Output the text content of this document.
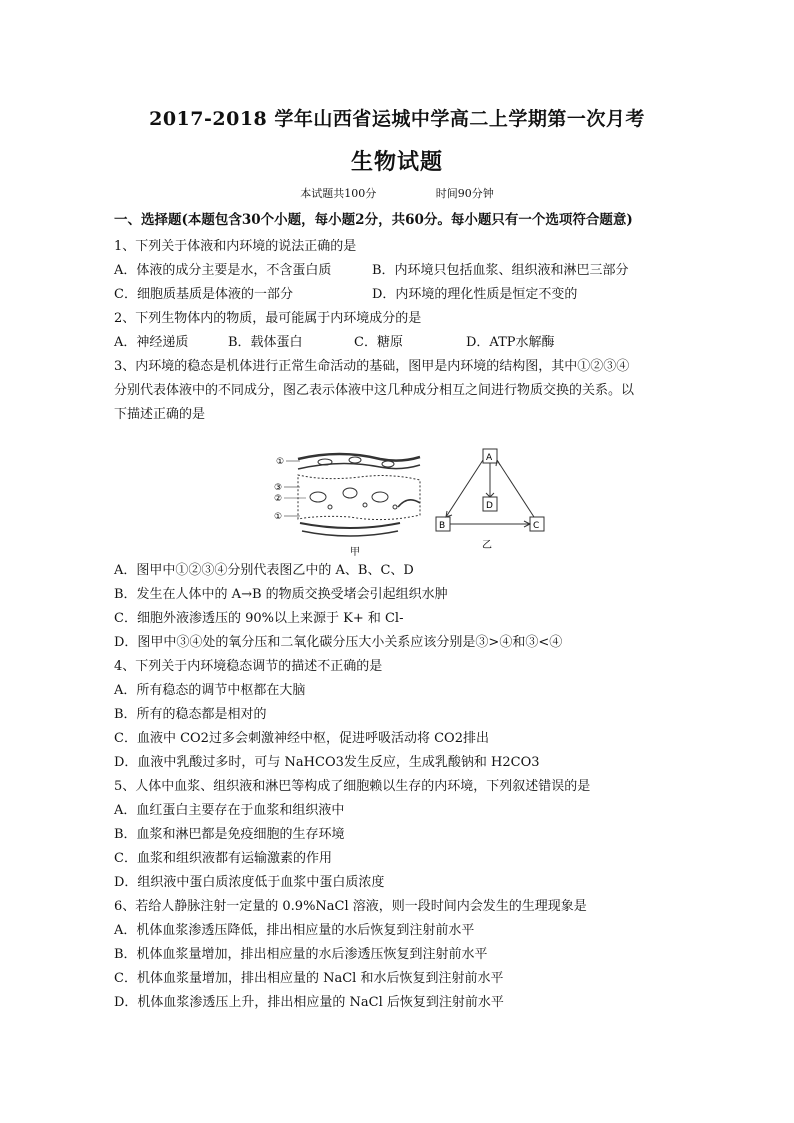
2017-2018 学年山西省运城中学高二上学期第一次月考
生物试题
本试题共100分	时间90分钟
一、选择题(本题包含30个小题，每小题2分，共60分。每小题只有一个选项符合题意)
1、下列关于体液和内环境的说法正确的是
A．体液的成分主要是水，不含蛋白质	B．内环境只包括血浆、组织液和淋巴三部分
C．细胞质基质是体液的一部分	D．内环境的理化性质是恒定不变的
2、下列生物体内的物质，最可能属于内环境成分的是
A．神经递质	B．载体蛋白	C．糖原	D．ATP水解酶
3、内环境的稳态是机体进行正常生命活动的基础，图甲是内环境的结构图，其中①②③④
分别代表体液中的不同成分，图乙表示体液中这几种成分相互之间进行物质交换的关系。以
下描述正确的是
①
③
②
①
甲
A
D
B	C
乙
A．图甲中①②③④分别代表图乙中的 A、B、C、D
B．发生在人体中的 A→B 的物质交换受堵会引起组织水肿
C．细胞外液渗透压的 90%以上来源于 K+ 和 Cl-
D．图甲中③④处的氧分压和二氧化碳分压大小关系应该分别是③>④和③<④
4、下列关于内环境稳态调节的描述不正确的是
A．所有稳态的调节中枢都在大脑
B．所有的稳态都是相对的
C．血液中 CO2过多会刺激神经中枢，促进呼吸活动将 CO2排出
D．血液中乳酸过多时，可与 NaHCO3发生反应，生成乳酸钠和 H2CO3
5、人体中血浆、组织液和淋巴等构成了细胞赖以生存的内环境，下列叙述错误的是
A．血红蛋白主要存在于血浆和组织液中
B．血浆和淋巴都是免疫细胞的生存环境
C．血浆和组织液都有运输激素的作用
D．组织液中蛋白质浓度低于血浆中蛋白质浓度
6、若给人静脉注射一定量的 0.9%NaCl 溶液，则一段时间内会发生的生理现象是
A．机体血浆渗透压降低，排出相应量的水后恢复到注射前水平
B．机体血浆量增加，排出相应量的水后渗透压恢复到注射前水平
C．机体血浆量增加，排出相应量的 NaCl 和水后恢复到注射前水平
D．机体血浆渗透压上升，排出相应量的 NaCl 后恢复到注射前水平
